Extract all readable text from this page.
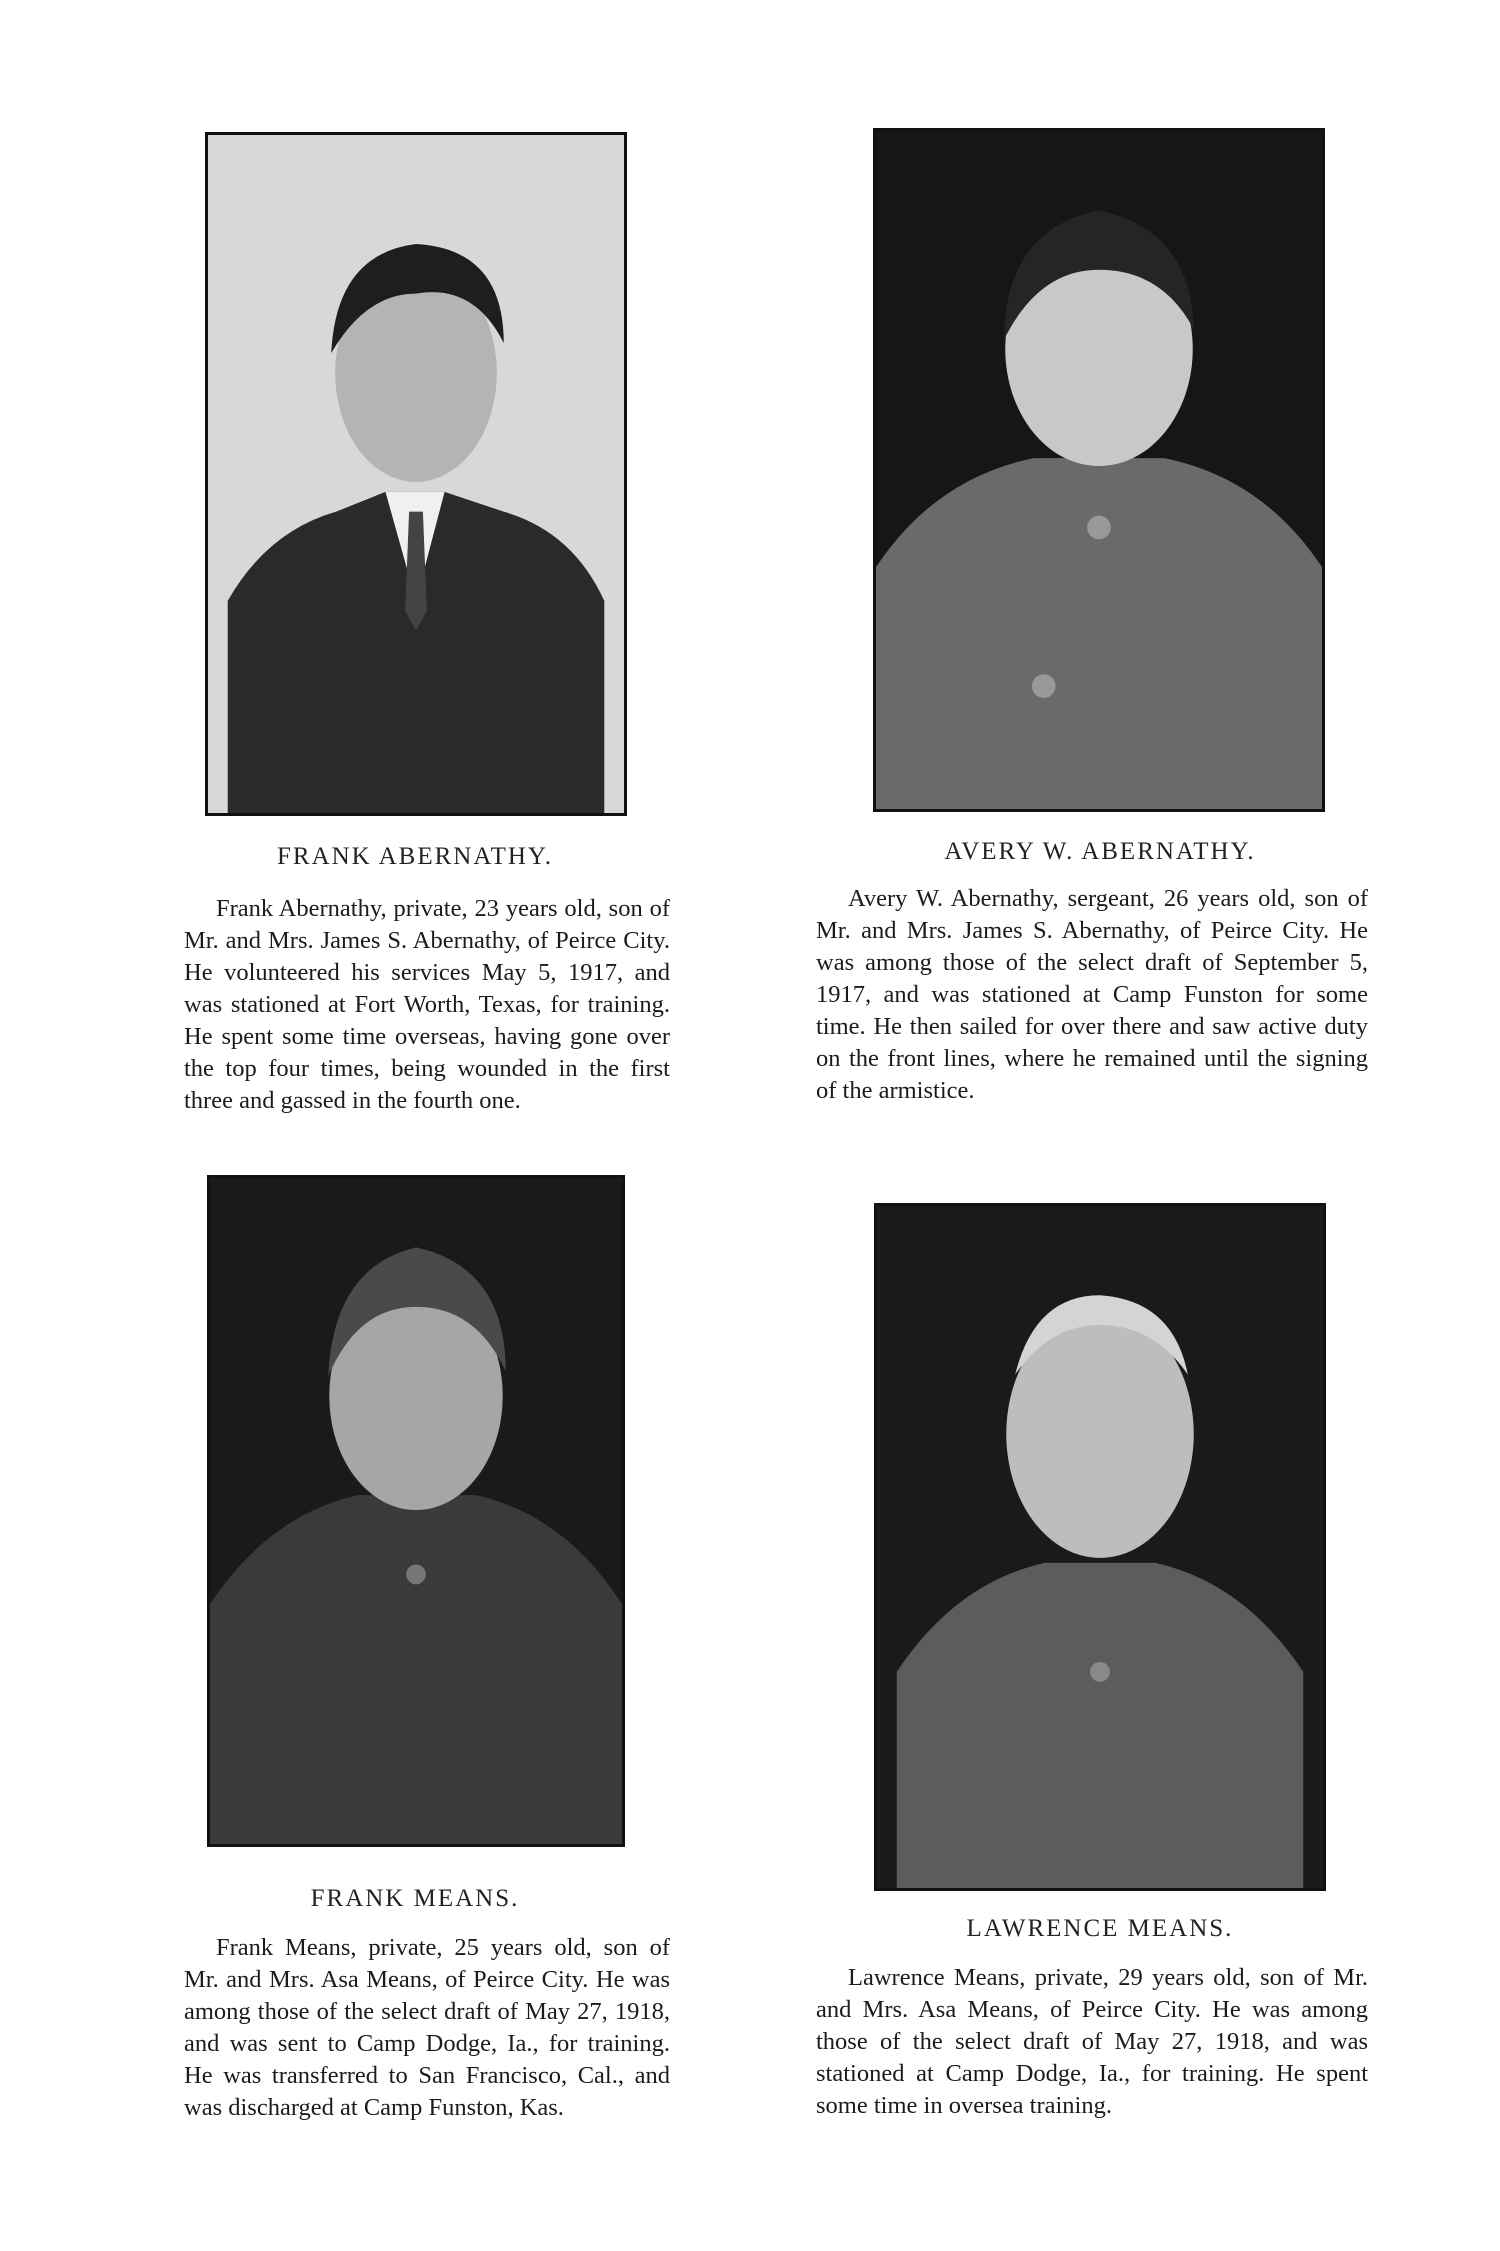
FRANK ABERNATHY.

Frank Abernathy, private, 23 years old, son of Mr. and Mrs. James S. Abernathy, of Peirce City. He volunteered his services May 5, 1917, and was stationed at Fort Worth, Texas, for training. He spent some time overseas, having gone over the top four times, being wounded in the first three and gassed in the fourth one.

AVERY W. ABERNATHY.

Avery W. Abernathy, sergeant, 26 years old, son of Mr. and Mrs. James S. Abernathy, of Peirce City. He was among those of the select draft of September 5, 1917, and was stationed at Camp Funston for some time. He then sailed for over there and saw active duty on the front lines, where he remained until the signing of the armistice.

FRANK MEANS.

Frank Means, private, 25 years old, son of Mr. and Mrs. Asa Means, of Peirce City. He was among those of the select draft of May 27, 1918, and was sent to Camp Dodge, Ia., for training. He was transferred to San Francisco, Cal., and was discharged at Camp Funston, Kas.

LAWRENCE MEANS.

Lawrence Means, private, 29 years old, son of Mr. and Mrs. Asa Means, of Peirce City. He was among those of the select draft of May 27, 1918, and was stationed at Camp Dodge, Ia., for training. He spent some time in oversea training.
